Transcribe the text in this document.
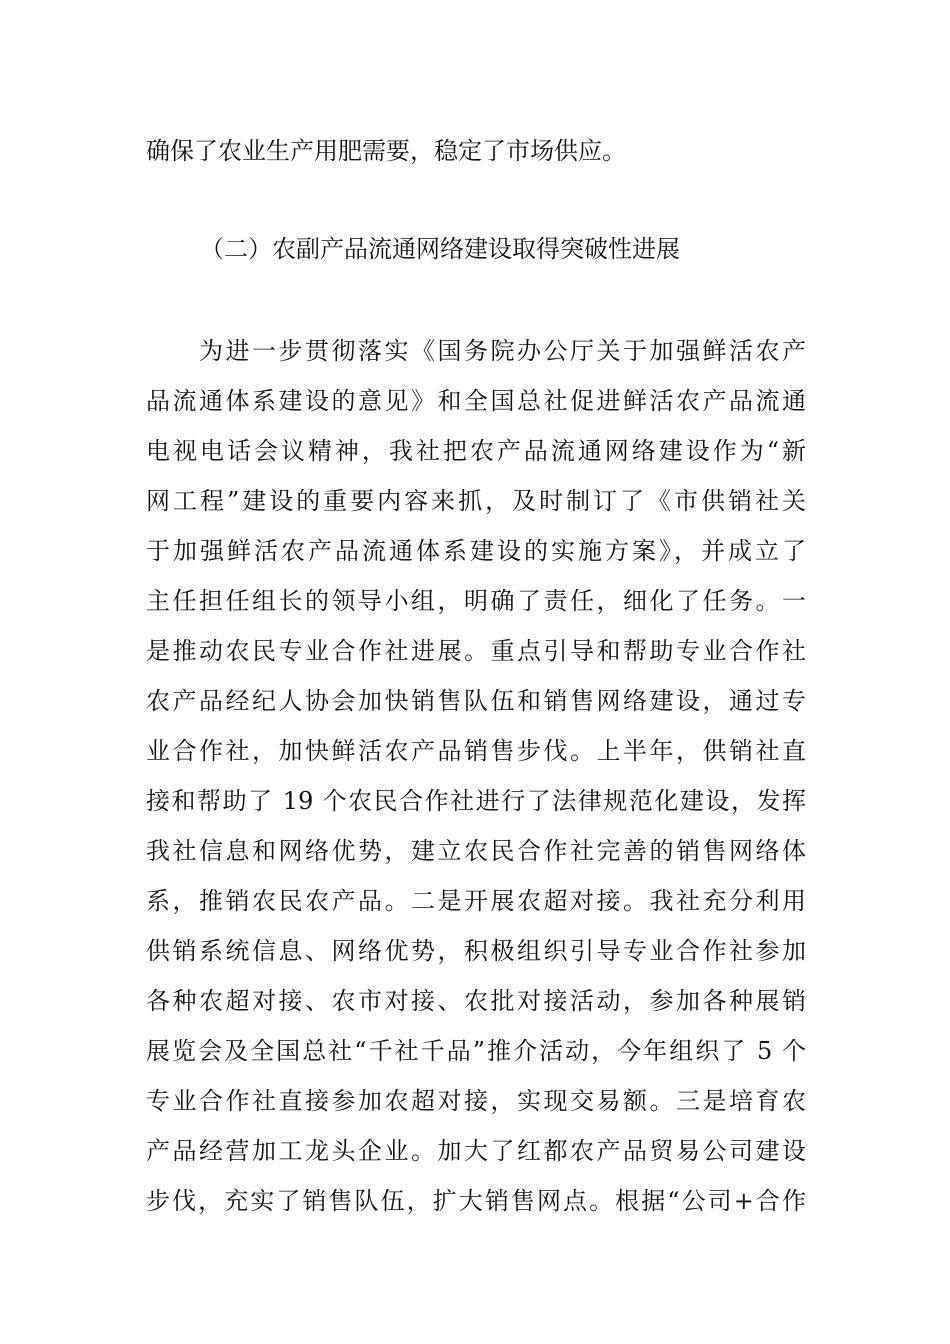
确保了农业生产用肥需要，稳定了市场供应。
（二）农副产品流通网络建设取得突破性进展
　　为进一步贯彻落实《国务院办公厅关于加强鲜活农产
品流通体系建设的意见》和全国总社促进鲜活农产品流通
电视电话会议精神，我社把农产品流通网络建设作为“新
网工程”建设的重要内容来抓，及时制订了《市供销社关
于加强鲜活农产品流通体系建设的实施方案》，并成立了
主任担任组长的领导小组，明确了责任，细化了任务。一
是推动农民专业合作社进展。重点引导和帮助专业合作社
农产品经纪人协会加快销售队伍和销售网络建设，通过专
业合作社，加快鲜活农产品销售步伐。上半年，供销社直
接和帮助了 19 个农民合作社进行了法律规范化建设，发挥
我社信息和网络优势，建立农民合作社完善的销售网络体
系，推销农民农产品。二是开展农超对接。我社充分利用
供销系统信息、网络优势，积极组织引导专业合作社参加
各种农超对接、农市对接、农批对接活动，参加各种展销
展览会及全国总社“千社千品”推介活动，今年组织了 5 个
专业合作社直接参加农超对接，实现交易额。三是培育农
产品经营加工龙头企业。加大了红都农产品贸易公司建设
步伐，充实了销售队伍，扩大销售网点。根据“公司+合作
